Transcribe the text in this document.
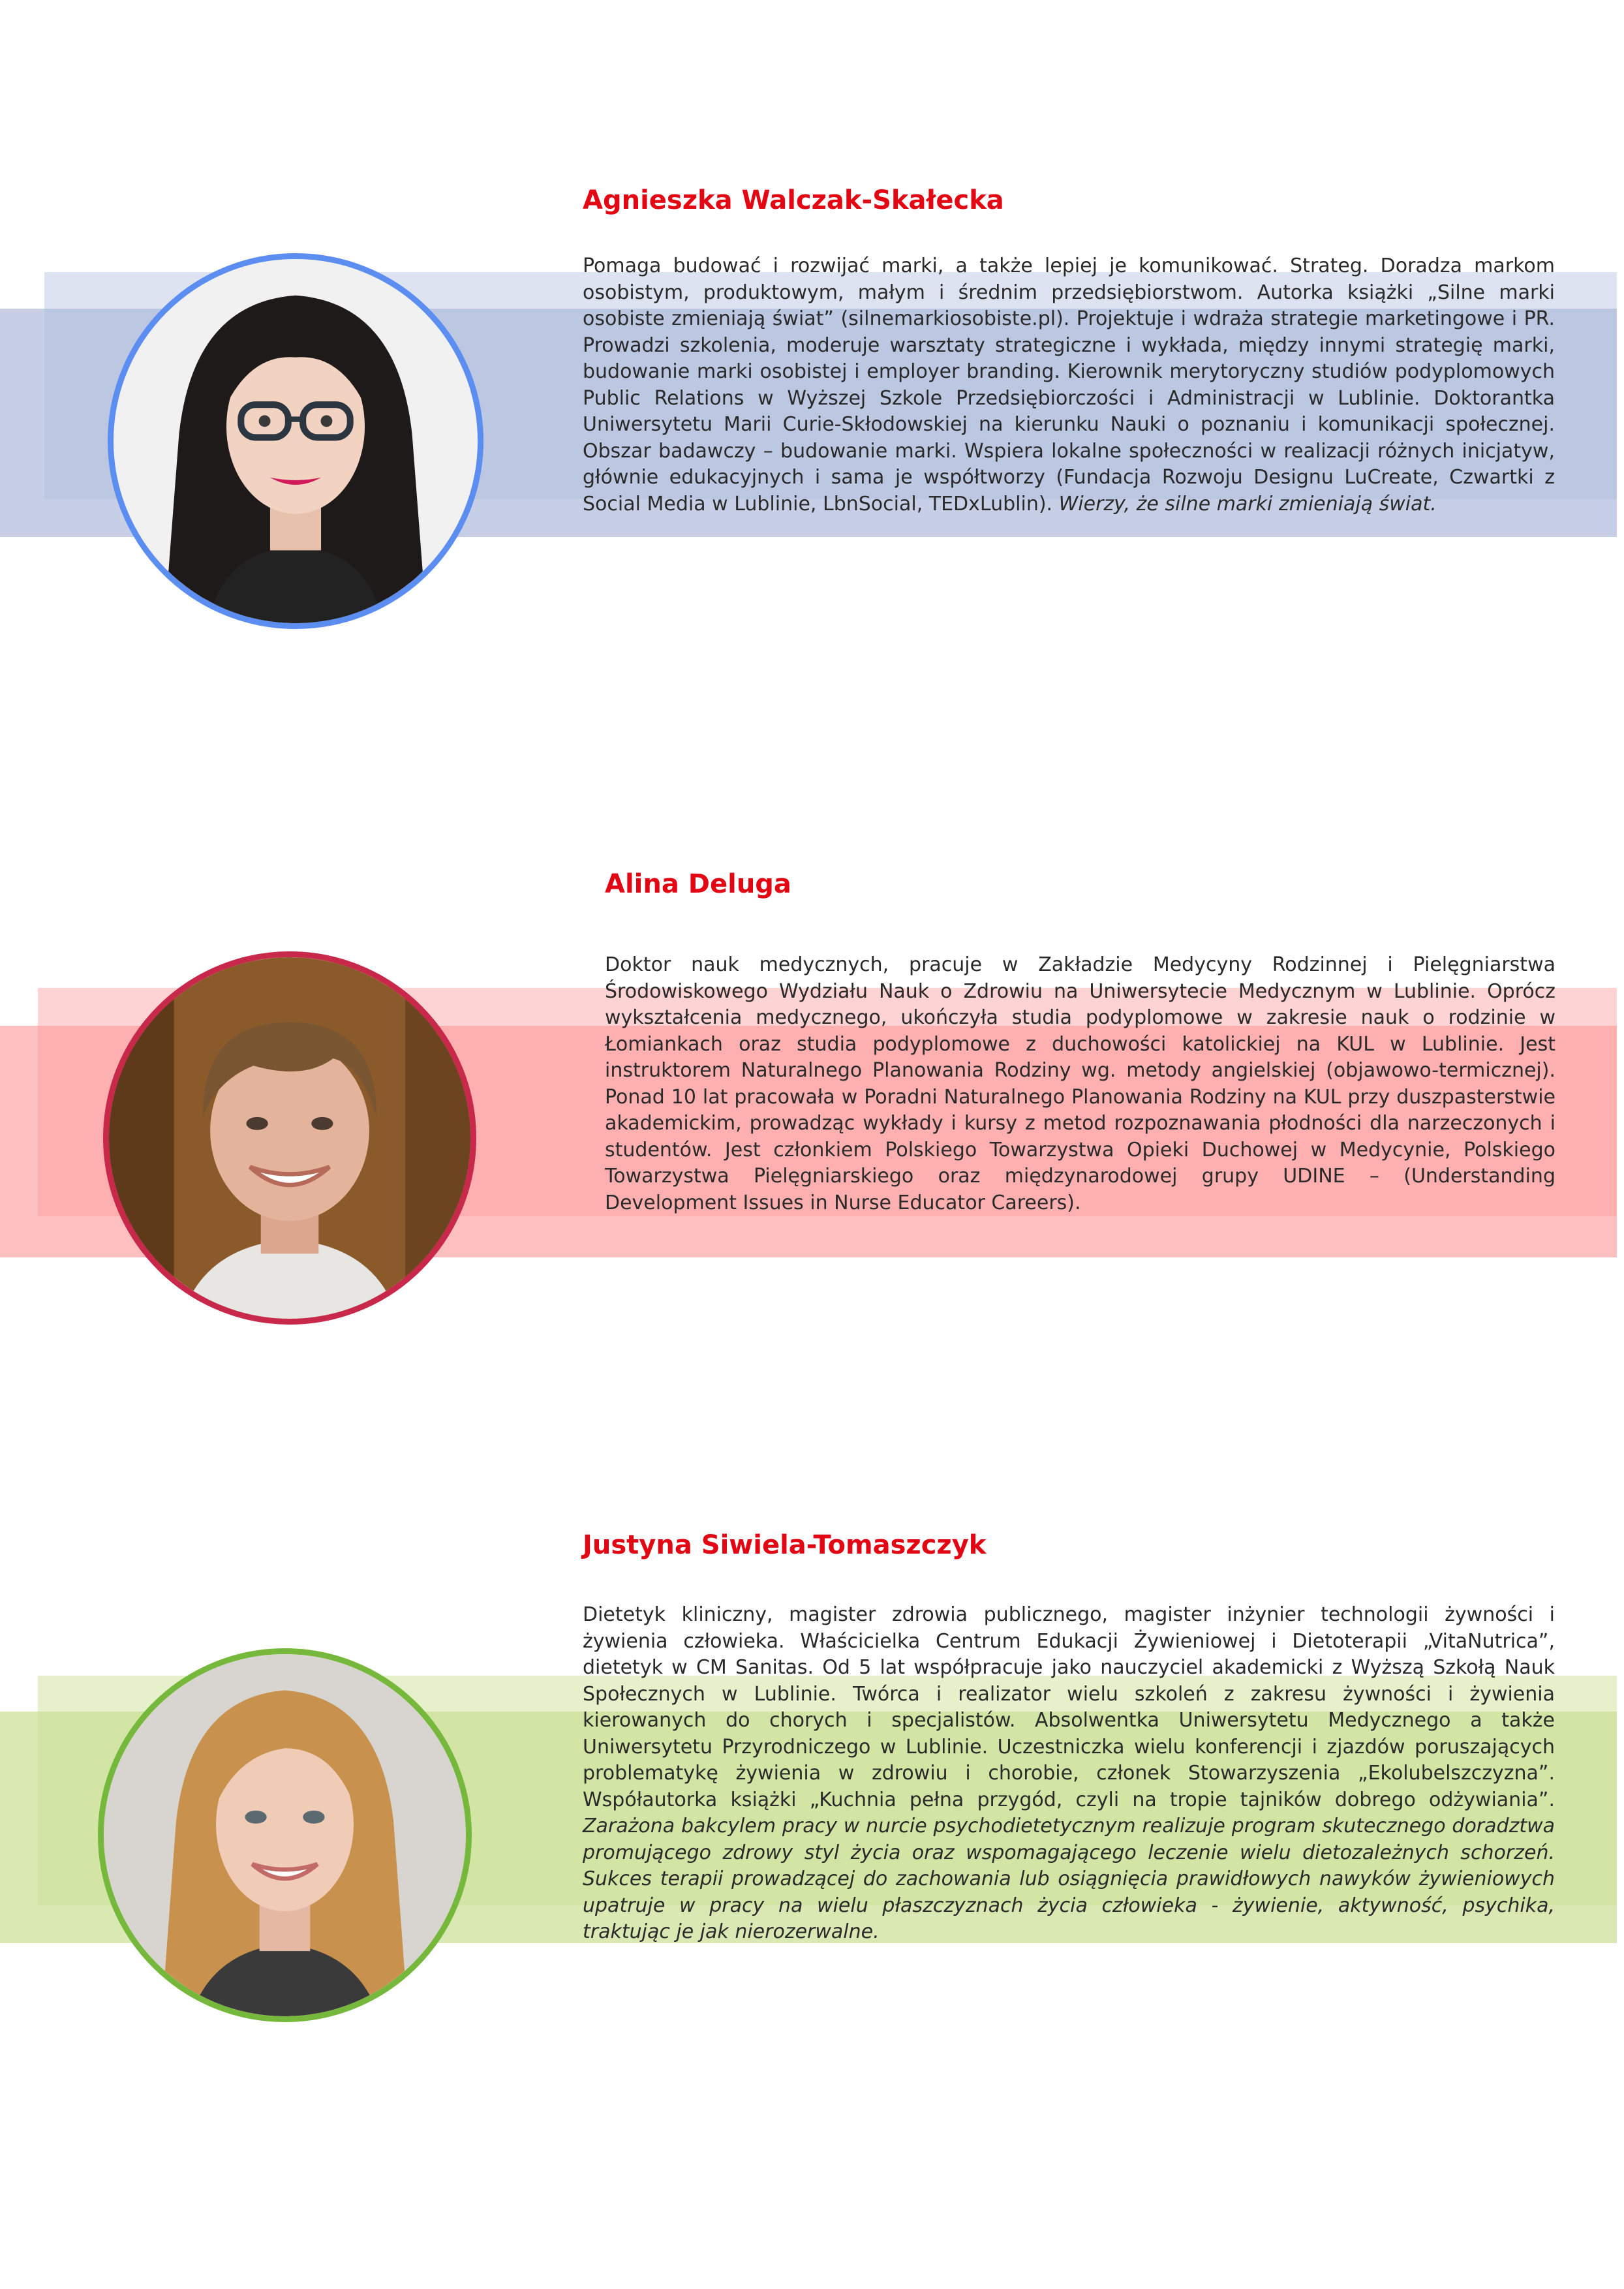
Agnieszka Walczak-Skałecka

Pomaga budować i rozwijać marki, a także lepiej je komunikować. Strateg. Doradza markom osobistym, produktowym, małym i średnim przedsiębiorstwom. Autorka książki „Silne marki osobiste zmieniają świat” (silnemarkiosobiste.pl). Projektuje i wdraża strategie marketingowe i PR. Prowadzi szkolenia, moderuje warsztaty strategiczne i wykłada, między innymi strategię marki, budowanie marki osobistej i employer branding. Kierownik merytoryczny studiów podyplomowych Public Relations w Wyższej Szkole Przedsiębiorczości i Administracji w Lublinie. Doktorantka Uniwersytetu Marii Curie-Skłodowskiej na kierunku Nauki o poznaniu i komunikacji społecznej. Obszar badawczy – budowanie marki. Wspiera lokalne społeczności w realizacji różnych inicjatyw, głównie edukacyjnych i sama je współtworzy (Fundacja Rozwoju Designu LuCreate, Czwartki z Social Media w Lublinie, LbnSocial, TEDxLublin). Wierzy, że silne marki zmieniają świat.

Alina Deluga

Doktor nauk medycznych, pracuje w Zakładzie Medycyny Rodzinnej i Pielęgniarstwa Środowiskowego Wydziału Nauk o Zdrowiu na Uniwersytecie Medycznym w Lublinie. Oprócz wykształcenia medycznego, ukończyła studia podyplomowe w zakresie nauk o rodzinie w Łomiankach oraz studia podyplomowe z duchowości katolickiej na KUL w Lublinie. Jest instruktorem Naturalnego Planowania Rodziny wg. metody angielskiej (objawowo-termicznej). Ponad 10 lat pracowała w Poradni Naturalnego Planowania Rodziny na KUL przy duszpasterstwie akademickim, prowadząc wykłady i kursy z metod rozpoznawania płodności dla narzeczonych i studentów. Jest członkiem Polskiego Towarzystwa Opieki Duchowej w Medycynie, Polskiego Towarzystwa Pielęgniarskiego oraz międzynarodowej grupy UDINE – (Understanding Development Issues in Nurse Educator Careers).

Justyna Siwiela-Tomaszczyk

Dietetyk kliniczny, magister zdrowia publicznego, magister inżynier technologii żywności i żywienia człowieka. Właścicielka Centrum Edukacji Żywieniowej i Dietoterapii „VitaNutrica”, dietetyk w CM Sanitas. Od 5 lat współpracuje jako nauczyciel akademicki z Wyższą Szkołą Nauk Społecznych w Lublinie. Twórca i realizator wielu szkoleń z zakresu żywności i żywienia kierowanych do chorych i specjalistów. Absolwentka Uniwersytetu Medycznego a także Uniwersytetu Przyrodniczego w Lublinie. Uczestniczka wielu konferencji i zjazdów poruszających problematykę żywienia w zdrowiu i chorobie, członek Stowarzyszenia „Ekolubelszczyzna”. Współautorka książki „Kuchnia pełna przygód, czyli na tropie tajników dobrego odżywiania”. Zarażona bakcylem pracy w nurcie psychodietetycznym realizuje program skutecznego doradztwa promującego zdrowy styl życia oraz wspomagającego leczenie wielu dietozależnych schorzeń. Sukces terapii prowadzącej do zachowania lub osiągnięcia prawidłowych nawyków żywieniowych upatruje w pracy na wielu płaszczyznach życia człowieka - żywienie, aktywność, psychika, traktując je jak nierozerwalne.
